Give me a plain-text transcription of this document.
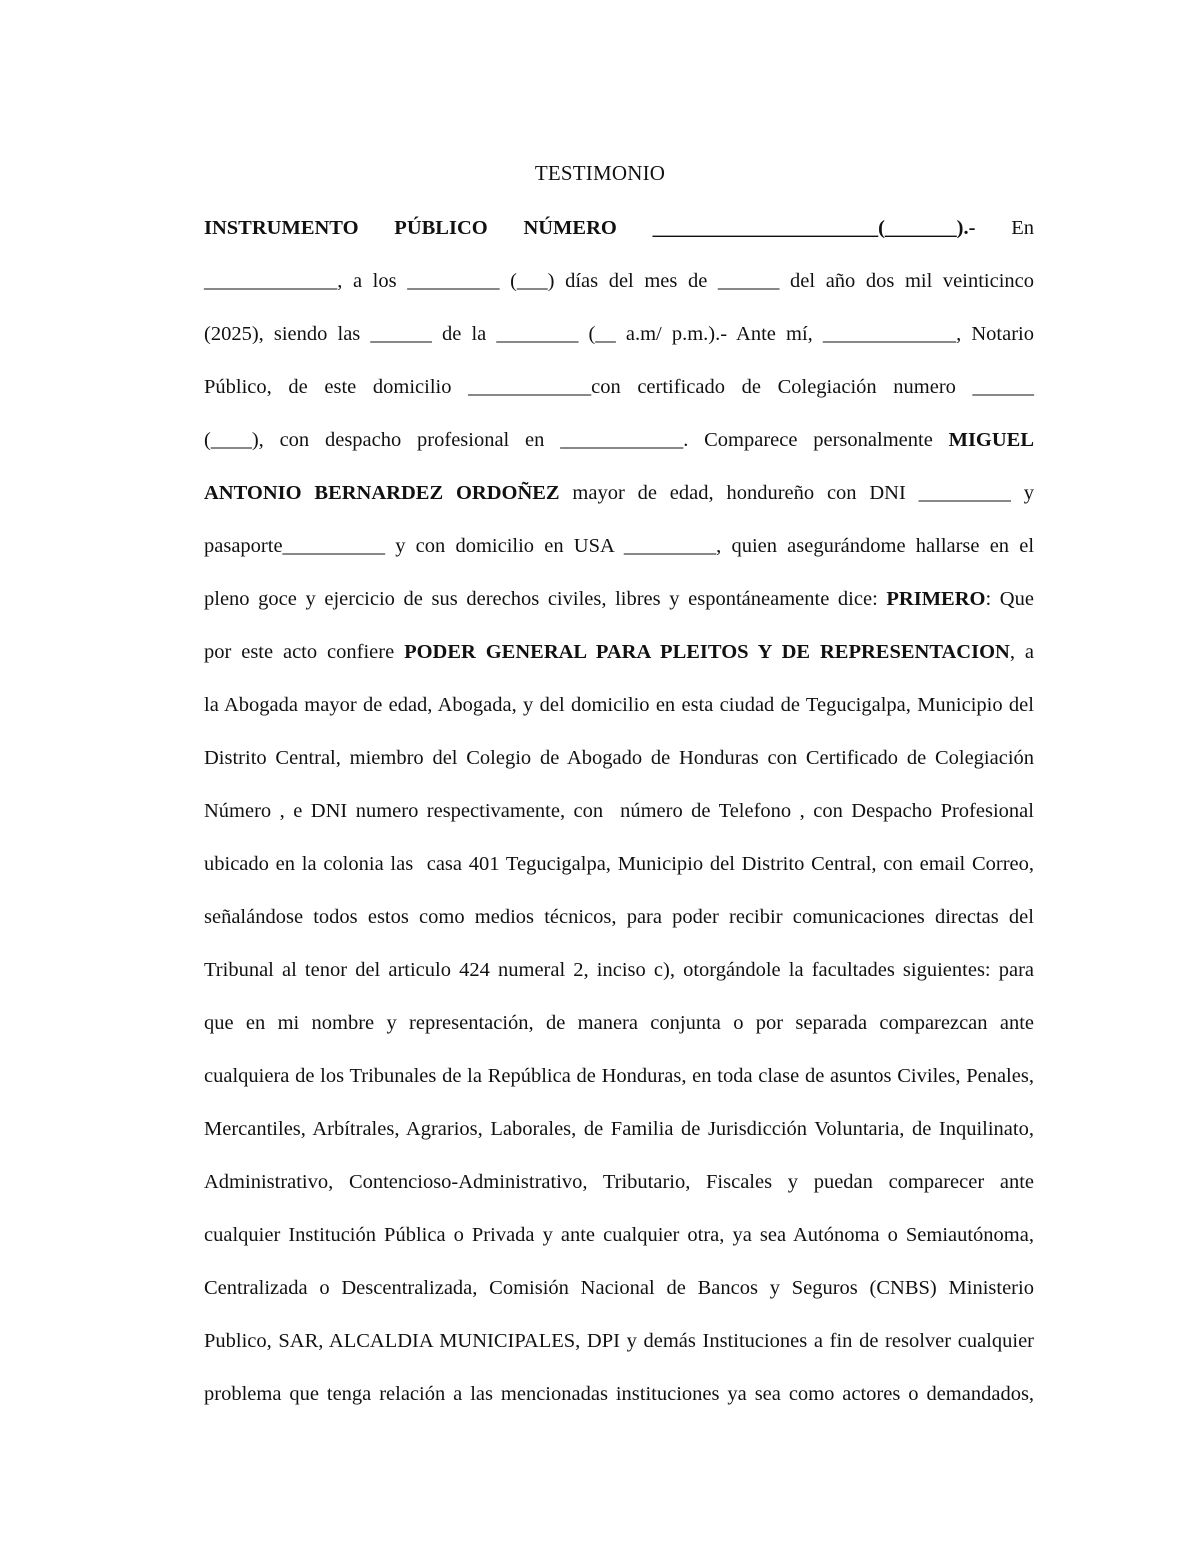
TESTIMONIO
INSTRUMENTO PÚBLICO NÚMERO ______________________(_______).- En
_____________, a los _________ (___) días del mes de ______ del año dos mil veinticinco
(2025), siendo las ______ de la ________ (__ a.m/ p.m.).- Ante mí, _____________, Notario
Público, de este domicilio ____________con certificado de Colegiación numero ______
(____), con despacho profesional en ____________. Comparece personalmente MIGUEL
ANTONIO BERNARDEZ ORDOÑEZ mayor de edad, hondureño con DNI _________ y
pasaporte__________ y con domicilio en USA _________, quien asegurándome hallarse en el
pleno goce y ejercicio de sus derechos civiles, libres y espontáneamente dice: PRIMERO : Que
por este acto confiere PODER GENERAL PARA PLEITOS Y DE REPRESENTACION , a
la Abogada mayor de edad, Abogada, y del domicilio en esta ciudad de Tegucigalpa, Municipio del
Distrito Central, miembro del Colegio de Abogado de Honduras con Certificado de Colegiación
Número , e DNI numero respectivamente, con  número de Telefono , con Despacho Profesional
ubicado en la colonia las  casa 401 Tegucigalpa, Municipio del Distrito Central, con email Correo,
señalándose todos estos como medios técnicos, para poder recibir comunicaciones directas del
Tribunal al tenor del articulo 424 numeral 2, inciso c), otorgándole la facultades siguientes: para
que en mi nombre y representación, de manera conjunta o por separada comparezcan ante
cualquiera de los Tribunales de la República de Honduras, en toda clase de asuntos Civiles, Penales,
Mercantiles, Arbítrales, Agrarios, Laborales, de Familia de Jurisdicción Voluntaria, de Inquilinato,
Administrativo, Contencioso-Administrativo, Tributario, Fiscales y puedan comparecer ante
cualquier Institución Pública o Privada y ante cualquier otra, ya sea Autónoma o Semiautónoma,
Centralizada o Descentralizada, Comisión Nacional de Bancos y Seguros (CNBS) Ministerio
Publico, SAR, ALCALDIA MUNICIPALES, DPI y demás Instituciones a fin de resolver cualquier
problema que tenga relación a las mencionadas instituciones ya sea como actores o demandados,
